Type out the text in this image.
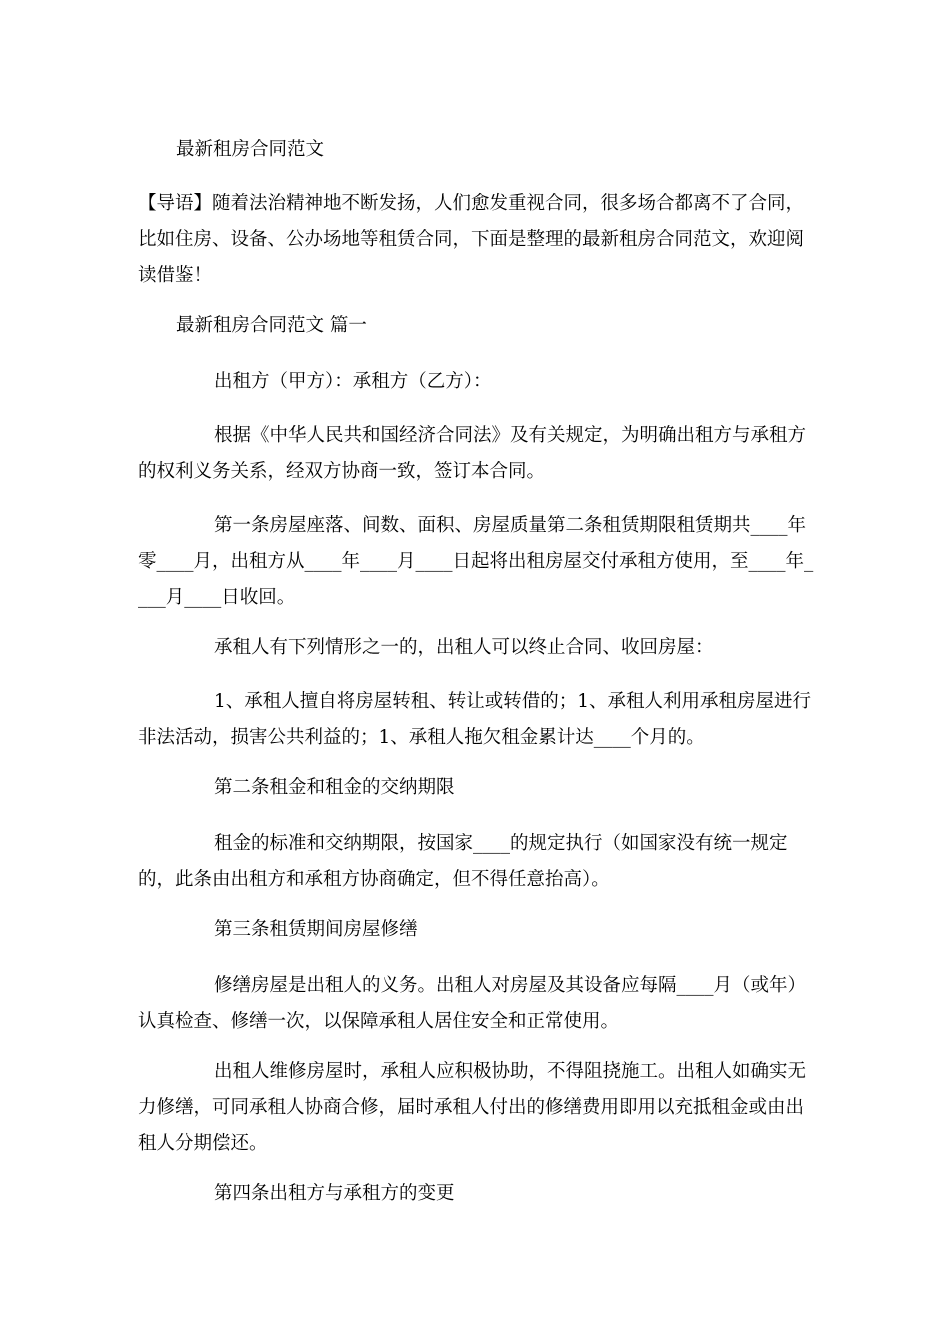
最新租房合同范文

【导语】随着法治精神地不断发扬，人们愈发重视合同，很多场合都离不了合同，比如住房、设备、公办场地等租赁合同，下面是整理的最新租房合同范文，欢迎阅读借鉴！

最新租房合同范文 篇一

出租方（甲方）：承租方（乙方）：

根据《中华人民共和国经济合同法》及有关规定，为明确出租方与承租方的权利义务关系，经双方协商一致，签订本合同。

第一条房屋座落、间数、面积、房屋质量第二条租赁期限租赁期共____年零____月，出租方从____年____月____日起将出租房屋交付承租方使用，至____年____月____日收回。

承租人有下列情形之一的，出租人可以终止合同、收回房屋：

1、承租人擅自将房屋转租、转让或转借的；1、承租人利用承租房屋进行非法活动，损害公共利益的；1、承租人拖欠租金累计达____个月的。

第二条租金和租金的交纳期限

租金的标准和交纳期限，按国家____的规定执行（如国家没有统一规定的，此条由出租方和承租方协商确定，但不得任意抬高）。

第三条租赁期间房屋修缮

修缮房屋是出租人的义务。出租人对房屋及其设备应每隔____月（或年）认真检查、修缮一次，以保障承租人居住安全和正常使用。

出租人维修房屋时，承租人应积极协助，不得阻挠施工。出租人如确实无力修缮，可同承租人协商合修，届时承租人付出的修缮费用即用以充抵租金或由出租人分期偿还。

第四条出租方与承租方的变更
